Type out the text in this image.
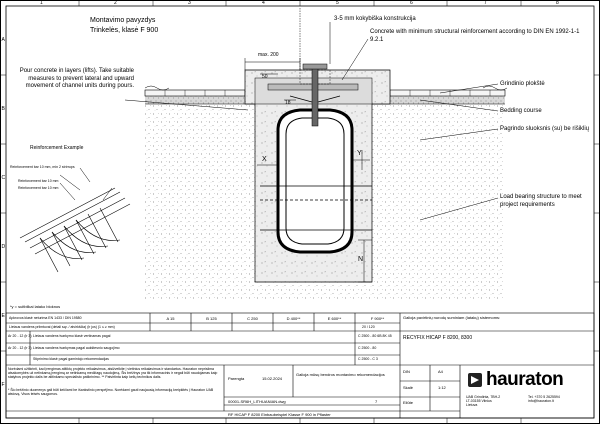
1	2	3	4	5	6	7	8
A
B
C
D
E
F
Montavimo pavyzdys
Trinkelės, klasė F 900
3-5 mm kokybiška konstrukcija
Concrete with minimum structural reinforcement according to DIN EN 1992-1-1 9.2.1
Grindinio plokštė
Bedding course
Pagrindo sluoksnis (su) be rišiklių
Load bearing structure to meet project requirements
Pour concrete in layers (lifts). Take suitable measures to prevent lateral and upward movement of channel units during pours.
Reinforcement Example
Reinforcement bar 10 mm, min 2 strirrups
Reinforcement bar 10 mm
Reinforcement bar 10 mm
*y = suitbilkai latako bloknos
max. 200
50
18
X
Y
N
Apkrovos klasė neturima EN 1433 / DIN 19580	A 15	B 125	C 250	D 400**	E 600**	F 900**
Lietaus vandens priimtuvai (detali sąr. / atvirkščia) (ir jos) (1 ≤ ≥ mm)	20 / 120
Ar 20 - 12 (ir 3) Lietaus vandens tvarkymo klasė vertinamas pagal	C 2500 - 80 6B 8K 45
Ar 20 - 12 (ir 3) Lietaus vandens tvarkymas pagal aukštesnio saugojimo	C 2500 - 80
Stiprinimo klasė pagal gamintojo rekomendacijas	C 2500 - C 3
Norėdami užtikrinti, kad įrengimas atitiktų projekto reikalavimus, atsižvelkite į vietinius reikalavimus ir standartus. Hauraton neprisiima atsakomybės už netinkamą įrengimą ar netinkamą medžiagų naudojimą. Šis brėžinys yra tik informacinis ir negali būti naudojamas kaip statybos projekto dalis be atitinkamo specialisto patikrinimo. ** Patvirtinta kaip kelių technikos dalis.
* Šio brėžinio duomenys gali būti keičiami be išankstinio perspėjimo. Norėdami gauti naujausią informaciją kreipkitės į Hauraton UAB atstovą. Visos teisės saugomos.
Galioja pavirtinių nurodų suminiam (latakų) sistemoms:
RECYFIX HICAP F 8200, 8300
Parengta	15.02.2024
Galioja mūsų bendros montavimo rekomendacijos
DIN	A4
Skalė	1:12
Eilūte
00001-SR6H_LITHUANIAN.dwg	7
RF HICAP F 8200 Einbaubeispiel Klasse F 900 in Pflaster
hauraton
UAB Grindinta, 7BH-2
LT-03155 Vilnius
Lietuva
Tel. +370 5 2625594
info@hauraton.lt
